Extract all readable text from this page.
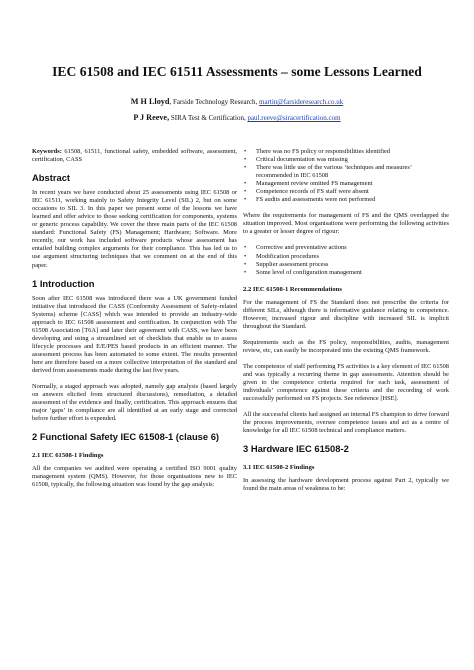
IEC 61508 and IEC 61511 Assessments – some Lessons Learned
M H Lloyd, Farside Technology Research, martin@farsideresearch.co.uk
P J Reeve, SIRA Test & Certification, paul.reeve@siracertification.com

Keywords: 61508, 61511, functional safety, embedded software, assessment, certification, CASS

Abstract

In recent years we have conducted about 25 assessments using IEC 61508 or IEC 61511, working mainly to Safety Integrity Level (SIL) 2, but on some occasions to SIL 3. In this paper we present some of the lessons we have learned and offer advice to those seeking certification for components, systems or generic process capability. We cover the three main parts of the IEC 61508 standard: Functional Safety (FS) Management; Hardware; Software. More recently, our work has included software products whose assessment has entailed building complex arguments for their compliance. This has led us to use argument structuring techniques that we comment on at the end of this paper.

1 Introduction

Soon after IEC 61508 was introduced there was a UK government funded initiative that introduced the CASS (Conformity Assessment of Safety-related Systems) scheme [CASS] which was intended to provide an industry-wide approach to IEC 61508 assessment and certification. In conjunction with The 61508 Association [T6A] and later their agreement with CASS, we have been developing and using a streamlined set of checklists that enable us to assess lifecycle processes and E/E/PES based products in an efficient manner. The assessment process has been automated to some extent. The results presented here are therefore based on a more collective interpretation of the standard and derived from assessments made during the last five years.

Normally, a staged approach was adopted, namely gap analysis (based largely on answers elicited from structured discussions), remediation, a detailed assessment of the evidence and finally, certification. This approach ensures that major ‘gaps’ in compliance are all identified at an early stage and corrected before further effort is expended.

2 Functional Safety IEC 61508-1 (clause 6)
2.1 IEC 61508-1 Findings

All the companies we audited were operating a certified ISO 9001 quality management system (QMS). However, for those organisations new to IEC 61508, typically, the following situation was found by the gap analysis:

• There was no FS policy or responsibilities identified
• Critical documentation was missing
• There was little use of the various ‘techniques and measures’ recommended in IEC 61508
• Management review omitted FS management
• Competence records of FS staff were absent
• FS audits and assessments were not performed

Where the requirements for management of FS and the QMS overlapped the situation improved. Most organisations were performing the following activities to a greater or lesser degree of rigour:

• Corrective and preventative actions
• Modification procedures
• Supplier assessment process
• Some level of configuration management
2.2 IEC 61508-1 Recommendations

For the management of FS the Standard does not prescribe the criteria for different SILs, although there is informative guidance relating to competence. However, increased rigour and discipline with increased SIL is implicit throughout the Standard.

Requirements such as the FS policy, responsibilities, audits, management review, etc, can easily be incorporated into the existing QMS framework.

The competence of staff performing FS activities is a key element of IEC 61508 and was typically a recurring theme in gap assessments. Attention should be given to the competence criteria required for each task, assessment of individuals’ competence against these criteria and the recording of work successfully performed on FS projects. See reference [HSE].

All the successful clients had assigned an internal FS champion to drive forward the process improvements, oversee competence issues and act as a centre of knowledge for all IEC 61508 technical and compliance matters.

3 Hardware IEC 61508-2
3.1 IEC 61508-2 Findings

In assessing the hardware development process against Part 2, typically we found the main areas of weakness to be:
